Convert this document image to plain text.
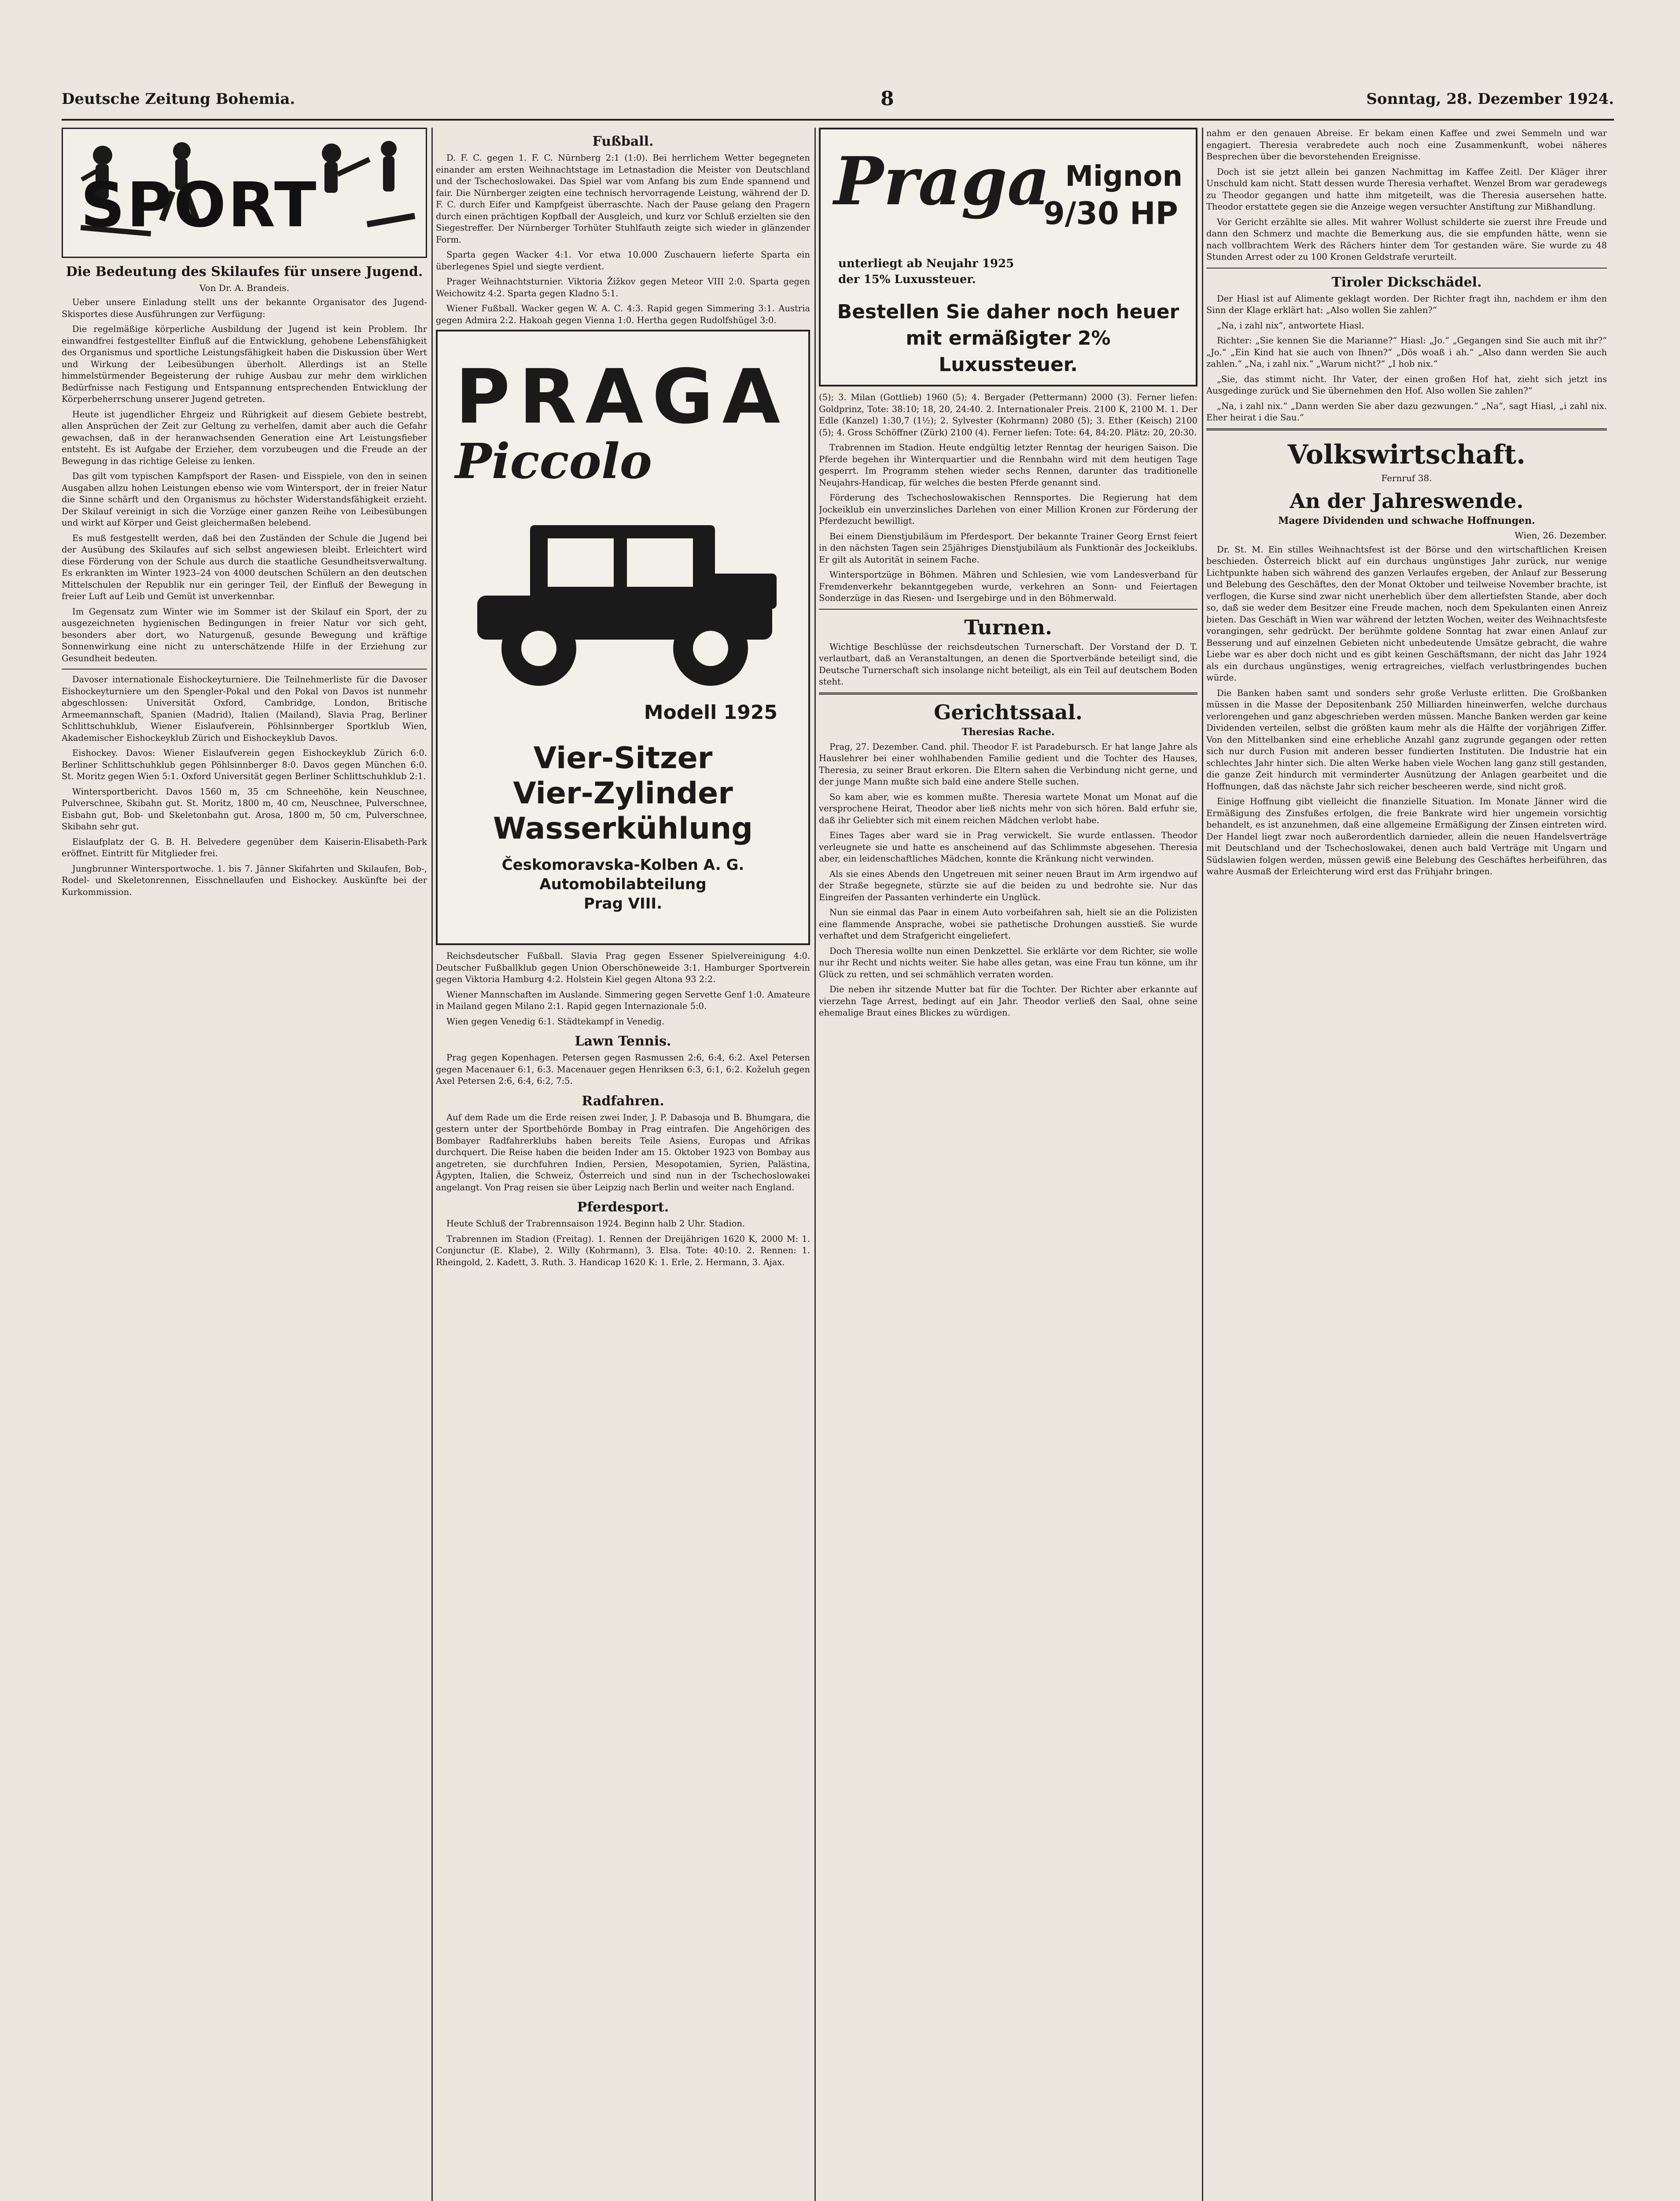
Deutsche Zeitung Bohemia.	8	Sonntag, 28. Dezember 1924.
SPORT
Die Bedeutung des Skilaufes für unsere Jugend.
Von Dr. A. Brandeis.

Ueber unsere Einladung stellt uns der bekannte Organisator des Jugend-Skisportes diese Ausführungen zur Verfügung:

Die regelmäßige körperliche Ausbildung der Jugend ist kein Problem. Ihr einwandfrei festgestellter Einfluß auf die Entwicklung, gehobene Lebensfähigkeit des Organismus und sportliche Leistungsfähigkeit haben die Diskussion über Wert und Wirkung der Leibesübungen überholt. Allerdings ist an Stelle himmelstürmender Begeisterung der ruhige Ausbau zur mehr dem wirklichen Bedürfnisse nach Festigung und Entspannung entsprechenden Entwicklung der Körperbeherrschung unserer Jugend getreten.

Heute ist jugendlicher Ehrgeiz und Rührigkeit auf diesem Gebiete bestrebt, allen Ansprüchen der Zeit zur Geltung zu verhelfen, damit aber auch die Gefahr gewachsen, daß in der heranwachsenden Generation eine Art Leistungsfieber entsteht. Es ist Aufgabe der Erzieher, dem vorzubeugen und die Freude an der Bewegung in das richtige Geleise zu lenken.

Das gilt vom typischen Kampfsport der Rasen- und Eisspiele, von den in seinen Ausgaben allzu hohen Leistungen ebenso wie vom Wintersport, der in freier Natur die Sinne schärft und den Organismus zu höchster Widerstandsfähigkeit erzieht. Der Skilauf vereinigt in sich die Vorzüge einer ganzen Reihe von Leibesübungen und wirkt auf Körper und Geist gleichermaßen belebend.

Es muß festgestellt werden, daß bei den Zuständen der Schule die Jugend bei der Ausübung des Skilaufes auf sich selbst angewiesen bleibt. Erleichtert wird diese Förderung von der Schule aus durch die staatliche Gesundheitsverwaltung. Es erkrankten im Winter 1923–24 von 4000 deutschen Schülern an den deutschen Mittelschulen der Republik nur ein geringer Teil, der Einfluß der Bewegung in freier Luft auf Leib und Gemüt ist unverkennbar.

Im Gegensatz zum Winter wie im Sommer ist der Skilauf ein Sport, der zu ausgezeichneten hygienischen Bedingungen in freier Natur vor sich geht, besonders aber dort, wo Naturgenuß, gesunde Bewegung und kräftige Sonnenwirkung eine nicht zu unterschätzende Hilfe in der Erziehung zur Gesundheit bedeuten.

Davoser internationale Eishockeyturniere. Die Teilnehmerliste für die Davoser Eishockeyturniere um den Spengler-Pokal und den Pokal von Davos ist nunmehr abgeschlossen: Universität Oxford, Cambridge, London, Britische Armeemannschaft, Spanien (Madrid), Italien (Mailand), Slavia Prag, Berliner Schlittschuhklub, Wiener Eislaufverein, Pöhlsinnberger Sportklub Wien, Akademischer Eishockeyklub Zürich und Eishockeyklub Davos.

Eishockey. Davos: Wiener Eislaufverein gegen Eishockeyklub Zürich 6:0. Berliner Schlittschuhklub gegen Pöhlsinnberger 8:0. Davos gegen München 6:0. St. Moritz gegen Wien 5:1. Oxford Universität gegen Berliner Schlittschuhklub 2:1.

Wintersportbericht. Davos 1560 m, 35 cm Schneehöhe, kein Neuschnee, Pulverschnee, Skibahn gut. St. Moritz, 1800 m, 40 cm, Neuschnee, Pulverschnee, Eisbahn gut, Bob- und Skeletonbahn gut. Arosa, 1800 m, 50 cm, Pulverschnee, Skibahn sehr gut.

Eislaufplatz der G. B. H. Belvedere gegenüber dem Kaiserin-Elisabeth-Park eröffnet. Eintritt für Mitglieder frei.

Jungbrunner Wintersportwoche. 1. bis 7. Jänner Skifahrten und Skilaufen, Bob-, Rodel- und Skeletonrennen, Eisschnellaufen und Eishockey. Auskünfte bei der Kurkommission.

Fußball.

D. F. C. gegen 1. F. C. Nürnberg 2:1 (1:0). Bei herrlichem Wetter begegneten einander am ersten Weihnachtstage im Letnastadion die Meister von Deutschland und der Tschechoslowakei. Das Spiel war vom Anfang bis zum Ende spannend und fair. Die Nürnberger zeigten eine technisch hervorragende Leistung, während der D. F. C. durch Eifer und Kampfgeist überraschte. Nach der Pause gelang den Pragern durch einen prächtigen Kopfball der Ausgleich, und kurz vor Schluß erzielten sie den Siegestreffer. Der Nürnberger Torhüter Stuhlfauth zeigte sich wieder in glänzender Form.

Sparta gegen Wacker 4:1. Vor etwa 10.000 Zuschauern lieferte Sparta ein überlegenes Spiel und siegte verdient.

Prager Weihnachtsturnier. Viktoria Žižkov gegen Meteor VIII 2:0. Sparta gegen Weichowitz 4:2. Sparta gegen Kladno 5:1.

Wiener Fußball. Wacker gegen W. A. C. 4:3. Rapid gegen Simmering 3:1. Austria gegen Admira 2:2. Hakoah gegen Vienna 1:0. Hertha gegen Rudolfshügel 3:0.

PRAGA
Piccolo
Modell 1925
Vier-Sitzer
Vier-Zylinder
Wasserkühlung
Českomoravska-Kolben A. G.
Automobilabteilung
Prag VIII.

Reichsdeutscher Fußball. Slavia Prag gegen Essener Spielvereinigung 4:0. Deutscher Fußballklub gegen Union Oberschöneweide 3:1. Hamburger Sportverein gegen Viktoria Hamburg 4:2. Holstein Kiel gegen Altona 93 2:2.

Wiener Mannschaften im Auslande. Simmering gegen Servette Genf 1:0. Amateure in Mailand gegen Milano 2:1. Rapid gegen Internazionale 5:0.

Wien gegen Venedig 6:1. Städtekampf in Venedig.

Lawn Tennis.

Prag gegen Kopenhagen. Petersen gegen Rasmussen 2:6, 6:4, 6:2. Axel Petersen gegen Macenauer 6:1, 6:3. Macenauer gegen Henriksen 6:3, 6:1, 6:2. Koželuh gegen Axel Petersen 2:6, 6:4, 6:2, 7:5.

Radfahren.

Auf dem Rade um die Erde reisen zwei Inder, J. P. Dabasoja und B. Bhumgara, die gestern unter der Sportbehörde Bombay in Prag eintrafen. Die Angehörigen des Bombayer Radfahrerklubs haben bereits Teile Asiens, Europas und Afrikas durchquert. Die Reise haben die beiden Inder am 15. Oktober 1923 von Bombay aus angetreten, sie durchfuhren Indien, Persien, Mesopotamien, Syrien, Palästina, Ägypten, Italien, die Schweiz, Österreich und sind nun in der Tschechoslowakei angelangt. Von Prag reisen sie über Leipzig nach Berlin und weiter nach England.

Pferdesport.

Heute Schluß der Trabrennsaison 1924. Beginn halb 2 Uhr. Stadion.

Trabrennen im Stadion (Freitag). 1. Rennen der Dreijährigen 1620 K, 2000 M: 1. Conjunctur (E. Klabe), 2. Willy (Kohrmann), 3. Elsa. Tote: 40:10. 2. Rennen: 1. Rheingold, 2. Kadett, 3. Ruth. 3. Handicap 1620 K: 1. Erle, 2. Hermann, 3. Ajax.

Praga Mignon
9/30 HP
unterliegt ab Neujahr 1925
der 15% Luxussteuer.
Bestellen Sie daher noch heuer
mit ermäßigter 2% Luxussteuer.

(5); 3. Milan (Gottlieb) 1960 (5); 4. Bergader (Pettermann) 2000 (3). Ferner liefen: Goldprinz, Tote: 38:10; 18, 20, 24:40. 2. Internationaler Preis. 2100 K, 2100 M. 1. Der Edle (Kanzel) 1:30,7 (1½); 2. Sylvester (Kohrmann) 2080 (5); 3. Ether (Keisch) 2100 (5); 4. Gross Schöffner (Zürk) 2100 (4). Ferner liefen: Tote: 64, 84:20. Plätz: 20, 20:30.

Trabrennen im Stadion. Heute endgültig letzter Renntag der heurigen Saison. Die Pferde begehen ihr Winterquartier und die Rennbahn wird mit dem heutigen Tage gesperrt. Im Programm stehen wieder sechs Rennen, darunter das traditionelle Neujahrs-Handicap, für welches die besten Pferde genannt sind.

Förderung des Tschechoslowakischen Rennsportes. Die Regierung hat dem Jockeiklub ein unverzinsliches Darlehen von einer Million Kronen zur Förderung der Pferdezucht bewilligt.

Bei einem Dienstjubiläum im Pferdesport. Der bekannte Trainer Georg Ernst feiert in den nächsten Tagen sein 25jähriges Dienstjubiläum als Funktionär des Jockeiklubs. Er gilt als Autorität in seinem Fache.

Wintersportzüge in Böhmen. Mähren und Schlesien, wie vom Landesverband für Fremdenverkehr bekanntgegeben wurde, verkehren an Sonn- und Feiertagen Sonderzüge in das Riesen- und Isergebirge und in den Böhmerwald.

Turnen.

Wichtige Beschlüsse der reichsdeutschen Turnerschaft. Der Vorstand der D. T. verlautbart, daß an Veranstaltungen, an denen die Sportverbände beteiligt sind, die Deutsche Turnerschaft sich insolange nicht beteiligt, als ein Teil auf deutschem Boden steht.

Gerichtssaal.
Theresias Rache.

Prag, 27. Dezember. Cand. phil. Theodor F. ist Paradebursch. Er hat lange Jahre als Hauslehrer bei einer wohlhabenden Familie gedient und die Tochter des Hauses, Theresia, zu seiner Braut erkoren. Die Eltern sahen die Verbindung nicht gerne, und der junge Mann mußte sich bald eine andere Stelle suchen.

So kam aber, wie es kommen mußte. Theresia wartete Monat um Monat auf die versprochene Heirat, Theodor aber ließ nichts mehr von sich hören. Bald erfuhr sie, daß ihr Geliebter sich mit einem reichen Mädchen verlobt habe.

Eines Tages aber ward sie in Prag verwickelt. Sie wurde entlassen. Theodor verleugnete sie und hatte es anscheinend auf das Schlimmste abgesehen. Theresia aber, ein leidenschaftliches Mädchen, konnte die Kränkung nicht verwinden.

Als sie eines Abends den Ungetreuen mit seiner neuen Braut im Arm irgendwo auf der Straße begegnete, stürzte sie auf die beiden zu und bedrohte sie. Nur das Eingreifen der Passanten verhinderte ein Unglück.

Nun sie einmal das Paar in einem Auto vorbeifahren sah, hielt sie an die Polizisten eine flammende Ansprache, wobei sie pathetische Drohungen ausstieß. Sie wurde verhaftet und dem Strafgericht eingeliefert.

Doch Theresia wollte nun einen Denkzettel. Sie erklärte vor dem Richter, sie wolle nur ihr Recht und nichts weiter. Sie habe alles getan, was eine Frau tun könne, um ihr Glück zu retten, und sei schmählich verraten worden.

Die neben ihr sitzende Mutter bat für die Tochter. Der Richter aber erkannte auf vierzehn Tage Arrest, bedingt auf ein Jahr. Theodor verließ den Saal, ohne seine ehemalige Braut eines Blickes zu würdigen.

nahm er den genauen Abreise. Er bekam einen Kaffee und zwei Semmeln und war engagiert. Theresia verabredete auch noch eine Zusammenkunft, wobei näheres Besprechen über die bevorstehenden Ereignisse.

Doch ist sie jetzt allein bei ganzen Nachmittag im Kaffee Zeitl. Der Kläger ihrer Unschuld kam nicht. Statt dessen wurde Theresia verhaftet. Wenzel Brom war geradewegs zu Theodor gegangen und hatte ihm mitgeteilt, was die Theresia ausersehen hatte. Theodor erstattete gegen sie die Anzeige wegen versuchter Anstiftung zur Mißhandlung.

Vor Gericht erzählte sie alles. Mit wahrer Wollust schilderte sie zuerst ihre Freude und dann den Schmerz und machte die Bemerkung aus, die sie empfunden hätte, wenn sie nach vollbrachtem Werk des Rächers hinter dem Tor gestanden wäre. Sie wurde zu 48 Stunden Arrest oder zu 100 Kronen Geldstrafe verurteilt.

Tiroler Dickschädel.

Der Hiasl ist auf Alimente geklagt worden. Der Richter fragt ihn, nachdem er ihm den Sinn der Klage erklärt hat: „Also wollen Sie zahlen?“

„Na, i zahl nix“, antwortete Hiasl.

Richter: „Sie kennen Sie die Marianne?“ Hiasl: „Jo.“ „Gegangen sind Sie auch mit ihr?“ „Jo.“ „Ein Kind hat sie auch von Ihnen?“ „Dös woaß i ah.“ „Also dann werden Sie auch zahlen.“ „Na, i zahl nix.“ „Warum nicht?“ „I hob nix.“

„Sie, das stimmt nicht. Ihr Vater, der einen großen Hof hat, zieht sich jetzt ins Ausgedinge zurück und Sie übernehmen den Hof. Also wollen Sie zahlen?“

„Na, i zahl nix.“ „Dann werden Sie aber dazu gezwungen.“ „Na“, sagt Hiasl, „i zahl nix. Eher heirat i die Sau.“

Volkswirtschaft.
Fernruf 38.
An der Jahreswende.
Magere Dividenden und schwache Hoffnungen.
Wien, 26. Dezember.

Dr. St. M. Ein stilles Weihnachtsfest ist der Börse und den wirtschaftlichen Kreisen beschieden. Österreich blickt auf ein durchaus ungünstiges Jahr zurück, nur wenige Lichtpunkte haben sich während des ganzen Verlaufes ergeben, der Anlauf zur Besserung und Belebung des Geschäftes, den der Monat Oktober und teilweise November brachte, ist verflogen, die Kurse sind zwar nicht unerheblich über dem allertiefsten Stande, aber doch so, daß sie weder dem Besitzer eine Freude machen, noch dem Spekulanten einen Anreiz bieten. Das Geschäft in Wien war während der letzten Wochen, weiter des Weihnachtsfeste vorangingen, sehr gedrückt. Der berühmte goldene Sonntag hat zwar einen Anlauf zur Besserung und auf einzelnen Gebieten nicht unbedeutende Umsätze gebracht, die wahre Liebe war es aber doch nicht und es gibt keinen Geschäftsmann, der nicht das Jahr 1924 als ein durchaus ungünstiges, wenig ertragreiches, vielfach verlustbringendes buchen würde.

Die Banken haben samt und sonders sehr große Verluste erlitten. Die Großbanken müssen in die Masse der Depositenbank 250 Milliarden hineinwerfen, welche durchaus verlorengehen und ganz abgeschrieben werden müssen. Manche Banken werden gar keine Dividenden verteilen, selbst die größten kaum mehr als die Hälfte der vorjährigen Ziffer. Von den Mittelbanken sind eine erhebliche Anzahl ganz zugrunde gegangen oder retten sich nur durch Fusion mit anderen besser fundierten Instituten. Die Industrie hat ein schlechtes Jahr hinter sich. Die alten Werke haben viele Wochen lang ganz still gestanden, die ganze Zeit hindurch mit verminderter Ausnützung der Anlagen gearbeitet und die Hoffnungen, daß das nächste Jahr sich reicher bescheeren werde, sind nicht groß.

Einige Hoffnung gibt vielleicht die finanzielle Situation. Im Monate Jänner wird die Ermäßigung des Zinsfußes erfolgen, die freie Bankrate wird hier ungemein vorsichtig behandelt, es ist anzunehmen, daß eine allgemeine Ermäßigung der Zinsen eintreten wird. Der Handel liegt zwar noch außerordentlich darnieder, allein die neuen Handelsverträge mit Deutschland und der Tschechoslowakei, denen auch bald Verträge mit Ungarn und Südslawien folgen werden, müssen gewiß eine Belebung des Geschäftes herbeiführen, das wahre Ausmaß der Erleichterung wird erst das Frühjahr bringen.
